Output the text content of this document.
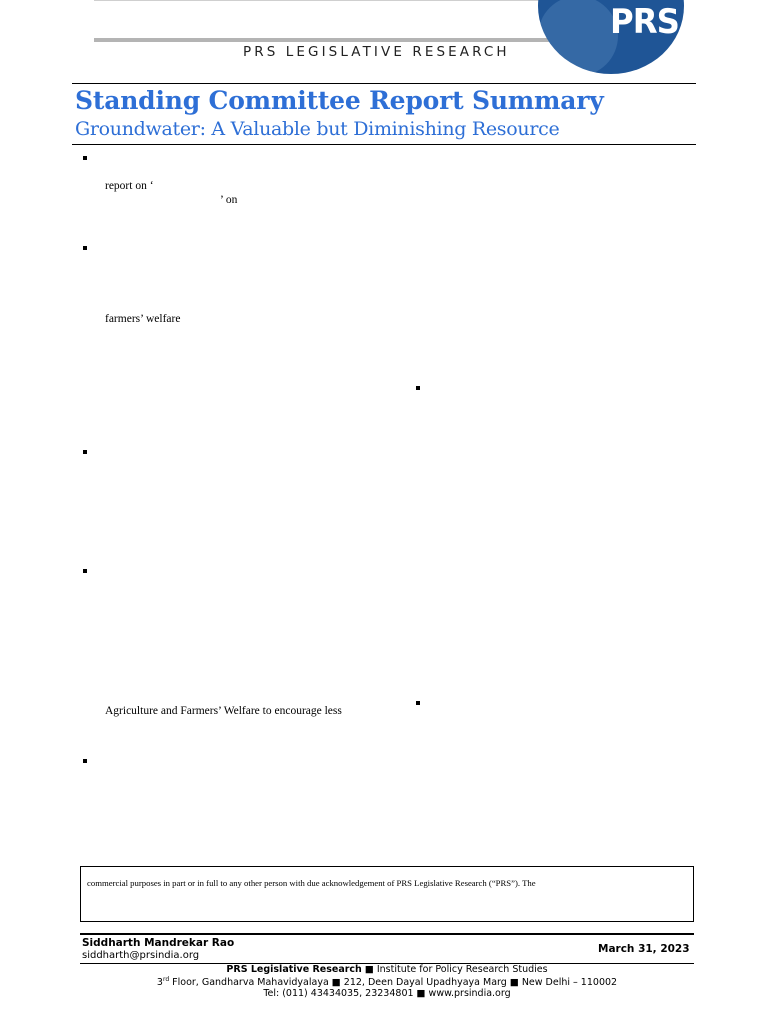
PRS LEGISLATIVE RESEARCH
PRS
Standing Committee Report Summary
Groundwater: A Valuable but Diminishing Resource
report on ‘
’ on
farmers’ welfare
Agriculture and Farmers’ Welfare to encourage less
commercial purposes in part or in full to any other person with due acknowledgement of PRS Legislative Research (“PRS”). The
Siddharth Mandrekar Rao
siddharth@prsindia.org
March 31, 2023
PRS Legislative Research ■ Institute for Policy Research Studies
3rd Floor, Gandharva Mahavidyalaya ■ 212, Deen Dayal Upadhyaya Marg ■ New Delhi – 110002
Tel: (011) 43434035, 23234801 ■ www.prsindia.org
